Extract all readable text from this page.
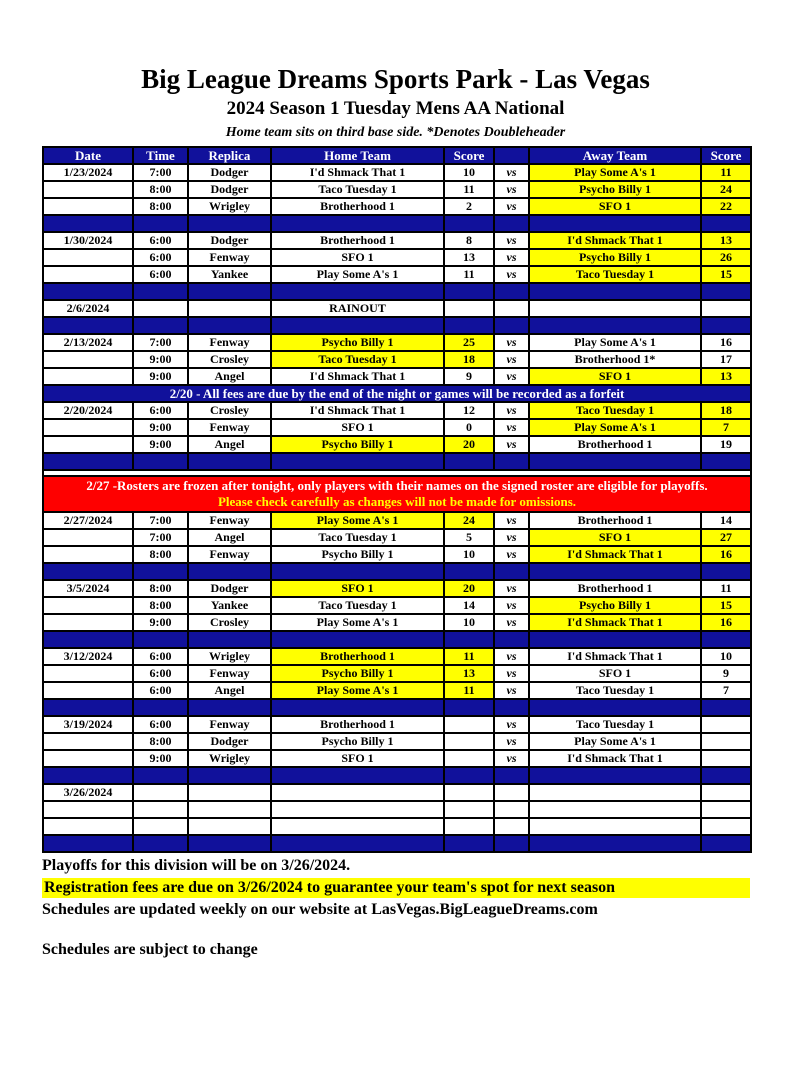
Big League Dreams Sports Park - Las Vegas
2024 Season 1 Tuesday Mens AA National
Home team sits on third base side. *Denotes Doubleheader
Date	Time	Replica	Home Team	Score		Away Team	Score
1/23/2024	7:00	Dodger	I'd Shmack That 1	10	vs	Play Some A's 1	11
	8:00	Dodger	Taco Tuesday 1	11	vs	Psycho Billy 1	24
	8:00	Wrigley	Brotherhood 1	2	vs	SFO 1	22

1/30/2024	6:00	Dodger	Brotherhood 1	8	vs	I'd Shmack That 1	13
	6:00	Fenway	SFO 1	13	vs	Psycho Billy 1	26
	6:00	Yankee	Play Some A's 1	11	vs	Taco Tuesday 1	15

2/6/2024			RAINOUT				

2/13/2024	7:00	Fenway	Psycho Billy 1	25	vs	Play Some A's 1	16
	9:00	Crosley	Taco Tuesday 1	18	vs	Brotherhood 1*	17
	9:00	Angel	I'd Shmack That 1	9	vs	SFO 1	13
2/20 - All fees are due by the end of the night or games will be recorded as a forfeit							
2/20/2024	6:00	Crosley	I'd Shmack That 1	12	vs	Taco Tuesday 1	18
	9:00	Fenway	SFO 1	0	vs	Play Some A's 1	7
	9:00	Angel	Psycho Billy 1	20	vs	Brotherhood 1	19

2/27 -Rosters are frozen after tonight, only players with their names on the signed roster are eligible for playoffs.
Please check carefully as changes will not be made for omissions.							

2/27/2024	7:00	Fenway	Play Some A's 1	24	vs	Brotherhood 1	14
	7:00	Angel	Taco Tuesday 1	5	vs	SFO 1	27
	8:00	Fenway	Psycho Billy 1	10	vs	I'd Shmack That 1	16

3/5/2024	8:00	Dodger	SFO 1	20	vs	Brotherhood 1	11
	8:00	Yankee	Taco Tuesday 1	14	vs	Psycho Billy 1	15
	9:00	Crosley	Play Some A's 1	10	vs	I'd Shmack That 1	16

3/12/2024	6:00	Wrigley	Brotherhood 1	11	vs	I'd Shmack That 1	10
	6:00	Fenway	Psycho Billy 1	13	vs	SFO 1	9
	6:00	Angel	Play Some A's 1	11	vs	Taco Tuesday 1	7

3/19/2024	6:00	Fenway	Brotherhood 1		vs	Taco Tuesday 1	
	8:00	Dodger	Psycho Billy 1		vs	Play Some A's 1	
	9:00	Wrigley	SFO 1		vs	I'd Shmack That 1	

3/26/2024							

Playoffs for this division will be on 3/26/2024.
Registration fees are due on 3/26/2024 to guarantee your team's spot for next season
Schedules are updated weekly on our website at LasVegas.BigLeagueDreams.com
Schedules are subject to change
